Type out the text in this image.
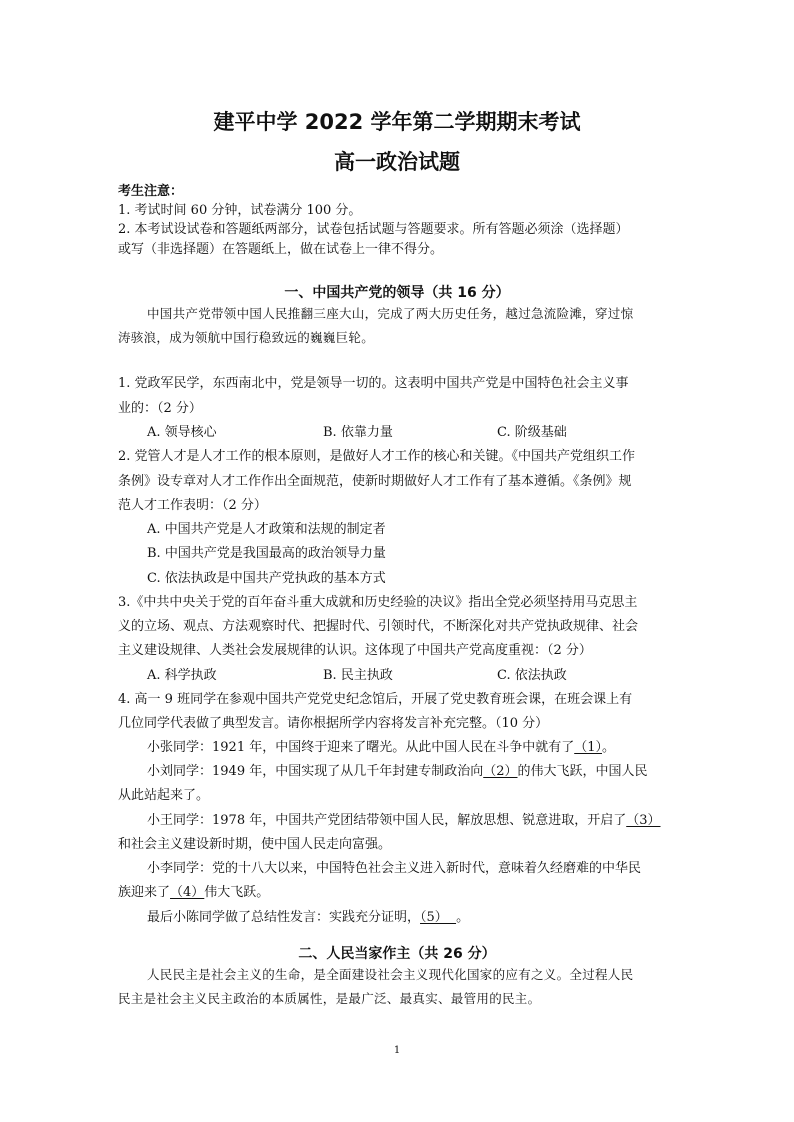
建平中学 2022 学年第二学期期末考试
高一政治试题
考生注意：
1. 考试时间 60 分钟，试卷满分 100 分。
2. 本考试设试卷和答题纸两部分，试卷包括试题与答题要求。所有答题必须涂（选择题）
或写（非选择题）在答题纸上，做在试卷上一律不得分。
一、中国共产党的领导（共 16 分）
中国共产党带领中国人民推翻三座大山，完成了两大历史任务，越过急流险滩，穿过惊
涛骇浪，成为领航中国行稳致远的巍巍巨轮。
1. 党政军民学，东西南北中，党是领导一切的。这表明中国共产党是中国特色社会主义事
业的：（2 分）
A. 领导核心	B. 依靠力量	C. 阶级基础
2. 党管人才是人才工作的根本原则，是做好人才工作的核心和关键。《中国共产党组织工作
条例》设专章对人才工作作出全面规范，使新时期做好人才工作有了基本遵循。《条例》规
范人才工作表明：（2 分）
A. 中国共产党是人才政策和法规的制定者
B. 中国共产党是我国最高的政治领导力量
C. 依法执政是中国共产党执政的基本方式
3.《中共中央关于党的百年奋斗重大成就和历史经验的决议》指出全党必须坚持用马克思主
义的立场、观点、方法观察时代、把握时代、引领时代，不断深化对共产党执政规律、社会
主义建设规律、人类社会发展规律的认识。这体现了中国共产党高度重视：（2 分）
A. 科学执政	B. 民主执政	C. 依法执政
4. 高一 9 班同学在参观中国共产党党史纪念馆后，开展了党史教育班会课，在班会课上有
几位同学代表做了典型发言。请你根据所学内容将发言补充完整。（10 分）
小张同学：1921 年，中国终于迎来了曙光。从此中国人民在斗争中就有了（1）。
小刘同学：1949 年，中国实现了从几千年封建专制政治向（2）的伟大飞跃，中国人民
从此站起来了。
小王同学：1978 年，中国共产党团结带领中国人民，解放思想、锐意进取，开启了（3）
和社会主义建设新时期，使中国人民走向富强。
小李同学：党的十八大以来，中国特色社会主义进入新时代，意味着久经磨难的中华民
族迎来了（4）伟大飞跃。
最后小陈同学做了总结性发言：实践充分证明，（5）  。
二、人民当家作主（共 26 分）
人民民主是社会主义的生命，是全面建设社会主义现代化国家的应有之义。全过程人民
民主是社会主义民主政治的本质属性，是最广泛、最真实、最管用的民主。
1
